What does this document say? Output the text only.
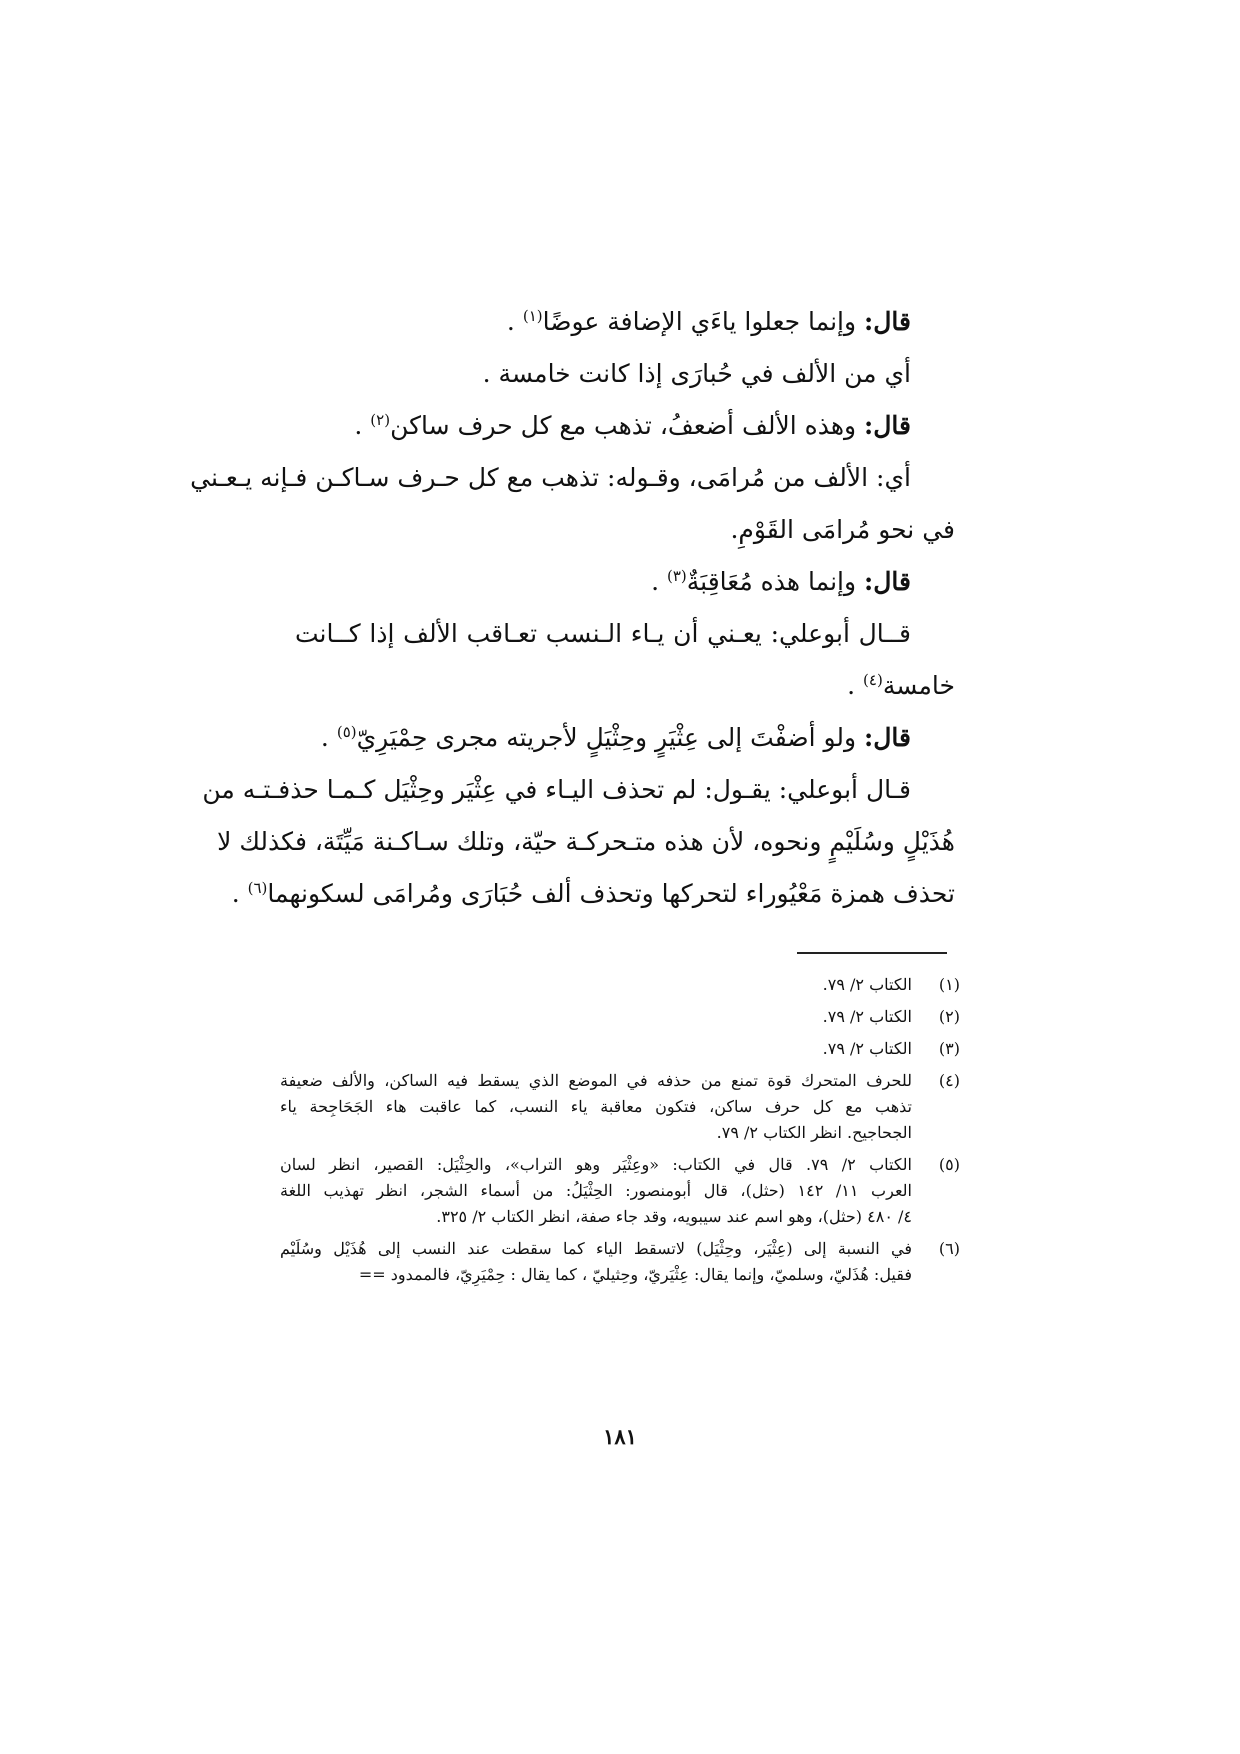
قال: وإنما جعلوا ياءَي الإضافة عوضًا$^{(١)}$ .
أي من الألف في حُبارَى إذا كانت خامسة .
قال: وهذه الألف أضعفُ، تذهب مع كل حرف ساكن$^{(٢)}$ .
أي: الألف من مُرامَى، وقـوله: تذهب مع كل حـرف سـاكـن فـإنه يـعـني
في نحو مُرامَى القَوْمِ.
قال: وإنما هذه مُعَاقِبَةٌ$^{(٣)}$ .
قــال أبوعلي: يعـني أن يـاء الـنسب تعـاقب الألف إذا كــانت
خامسة$^{(٤)}$ .
قال: ولو أضفْتَ إلى عِثْيَرٍ وحِثْيَلٍ لأجريته مجرى حِمْيَرِيّ$^{(٥)}$ .
قـال أبوعلي: يقـول: لم تحذف اليـاء في عِثْيَر وحِثْيَل كـمـا حذفـتـه من
هُذَيْلٍ وسُلَيْمٍ ونحوه، لأن هذه متـحركـة حيّة، وتلك سـاكـنة مَيِّتَة، فكذلك لا
تحذف همزة مَعْيُوراء لتحركها وتحذف ألف حُبَارَى ومُرامَى لسكونهما$^{(٦)}$ .
(١)
الكتاب ٢/ ٧٩.
(٢)
الكتاب ٢/ ٧٩.
(٣)
الكتاب ٢/ ٧٩.
(٤)
للحرف المتحرك قوة تمنع من حذفه في الموضع الذي يسقط فيه الساكن، والألف ضعيفة
تذهب مع كل حرف ساكن، فتكون معاقبة ياء النسب، كما عاقبت هاء الجَحَاجِحة ياء
الجحاجيح. انظر الكتاب ٢/ ٧٩.
(٥)
الكتاب ٢/ ٧٩. قال في الكتاب: «وعِثْيَر وهو التراب»، والحِثْيَل: القصير، انظر لسان
العرب ١١/ ١٤٢ (حثل)، قال أبومنصور: الحِثْيَلُ: من أسماء الشجر، انظر تهذيب اللغة
٤/ ٤٨٠ (حثل)، وهو اسم عند سيبويه، وقد جاء صفة، انظر الكتاب ٢/ ٣٢٥.
(٦)
في النسبة إلى (عِثْيَر، وحِثْيَل) لاتسقط الياء كما سقطت عند النسب إلى هُذَيْل وسُلَيْم
فقيل: هُذَليّ، وسلميّ، وإنما يقال: عِثْيَريّ، وحِثيليّ ، كما يقال : حِمْيَرِيّ، فالممدود ==
١٨١
